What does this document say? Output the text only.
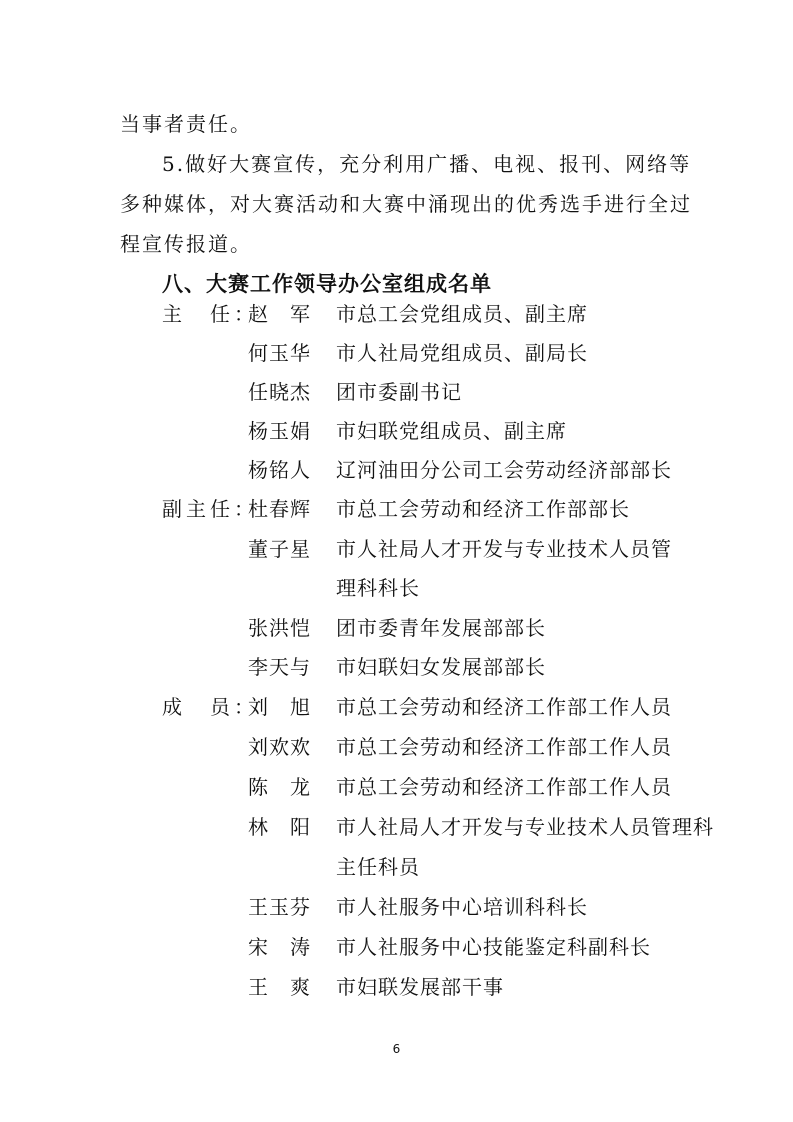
当事者责任。
5.做好大赛宣传，充分利用广播、电视、报刊、网络等
多种媒体，对大赛活动和大赛中涌现出的优秀选手进行全过
程宣传报道。
八、大赛工作领导办公室组成名单
主　任：
副主任：
成　员：
赵　军
何玉华
任晓杰
杨玉娟
杨铭人
杜春辉
董子星
张洪恺
李天与
刘　旭
刘欢欢
陈　龙
林　阳
王玉芬
宋　涛
王　爽
市总工会党组成员、副主席
市人社局党组成员、副局长
团市委副书记
市妇联党组成员、副主席
辽河油田分公司工会劳动经济部部长
市总工会劳动和经济工作部部长
市人社局人才开发与专业技术人员管
理科科长
团市委青年发展部部长
市妇联妇女发展部部长
市总工会劳动和经济工作部工作人员
市总工会劳动和经济工作部工作人员
市总工会劳动和经济工作部工作人员
市人社局人才开发与专业技术人员管理科
主任科员
市人社服务中心培训科科长
市人社服务中心技能鉴定科副科长
市妇联发展部干事
6
